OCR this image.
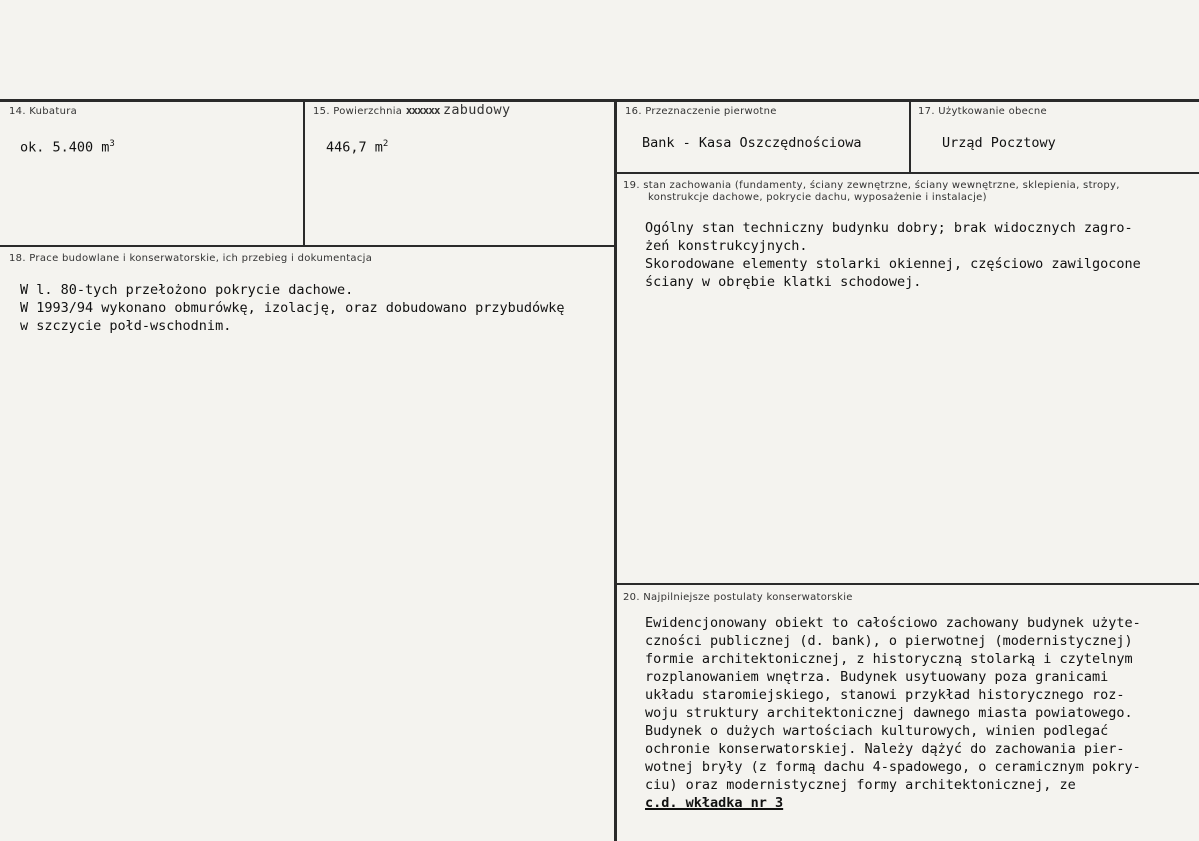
14. Kubatura
ok. 5.400 $m^3$
15. Powierzchnia xxxxxx zabudowy
446,7 $m^2$
16. Przeznaczenie pierwotne
Bank - Kasa Oszczędnościowa
17. Użytkowanie obecne
Urząd Pocztowy
18. Prace budowlane i konserwatorskie, ich przebieg i dokumentacja
W l. 80-tych przełożono pokrycie dachowe.
W 1993/94 wykonano obmurówkę, izolację, oraz dobudowano przybudówkę
w szczycie połd-wschodnim.
19. stan zachowania (fundamenty, ściany zewnętrzne, ściany wewnętrzne, sklepienia, stropy,
konstrukcje dachowe, pokrycie dachu, wyposażenie i instalacje)
Ogólny stan techniczny budynku dobry; brak widocznych zagro-
żeń konstrukcyjnych.
Skorodowane elementy stolarki okiennej, częściowo zawilgocone
ściany w obrębie klatki schodowej.
20. Najpilniejsze postulaty konserwatorskie
Ewidencjonowany obiekt to całościowo zachowany budynek użyte-
czności publicznej (d. bank), o pierwotnej (modernistycznej)
formie architektonicznej, z historyczną stolarką i czytelnym
rozplanowaniem wnętrza. Budynek usytuowany poza granicami
układu staromiejskiego, stanowi przykład historycznego roz-
woju struktury architektonicznej dawnego miasta powiatowego.
Budynek o dużych wartościach kulturowych, winien podlegać
ochronie konserwatorskiej. Należy dążyć do zachowania pier-
wotnej bryły (z formą dachu 4-spadowego, o ceramicznym pokry-
ciu) oraz modernistycznej formy architektonicznej, ze
c.d. wkładka nr 3
